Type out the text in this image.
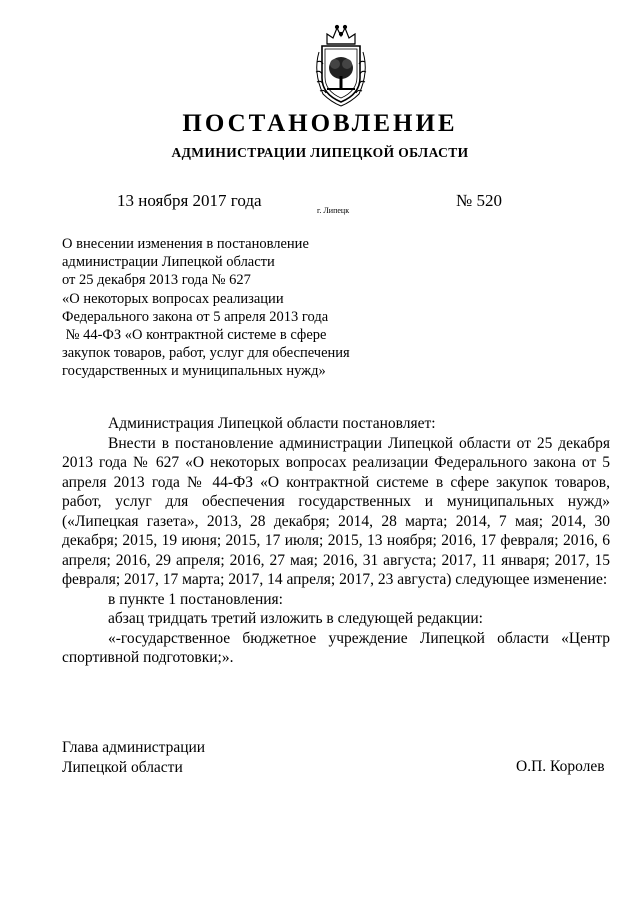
ПОСТАНОВЛЕНИЕ
АДМИНИСТРАЦИИ ЛИПЕЦКОЙ ОБЛАСТИ
13 ноября 2017 года
г. Липецк
№ 520
О внесении изменения в постановление
администрации Липецкой области
от 25 декабря 2013 года № 627
«О некоторых вопросах реализации
Федерального закона от 5 апреля 2013 года
№ 44-ФЗ «О контрактной системе в сфере
закупок товаров, работ, услуг для обеспечения
государственных и муниципальных нужд»

Администрация Липецкой области постановляет:

Внести в постановление администрации Липецкой области от 25 декабря 2013 года № 627 «О некоторых вопросах реализации Федерального закона от 5 апреля 2013 года № 44-ФЗ «О контрактной системе в сфере закупок товаров, работ, услуг для обеспечения государственных и муниципальных нужд» («Липецкая газета», 2013, 28 декабря; 2014, 28 марта; 2014, 7 мая; 2014, 30 декабря; 2015, 19 июня; 2015, 17 июля; 2015, 13 ноября; 2016, 17 февраля; 2016, 6 апреля; 2016, 29 апреля; 2016, 27 мая; 2016, 31 августа; 2017, 11 января; 2017, 15 февраля; 2017, 17 марта; 2017, 14 апреля; 2017, 23 августа) следующее изменение:

в пункте 1 постановления:

абзац тридцать третий изложить в следующей редакции:

«-государственное бюджетное учреждение Липецкой области «Центр спортивной подготовки;».

Глава администрации
Липецкой области	О.П. Королев
